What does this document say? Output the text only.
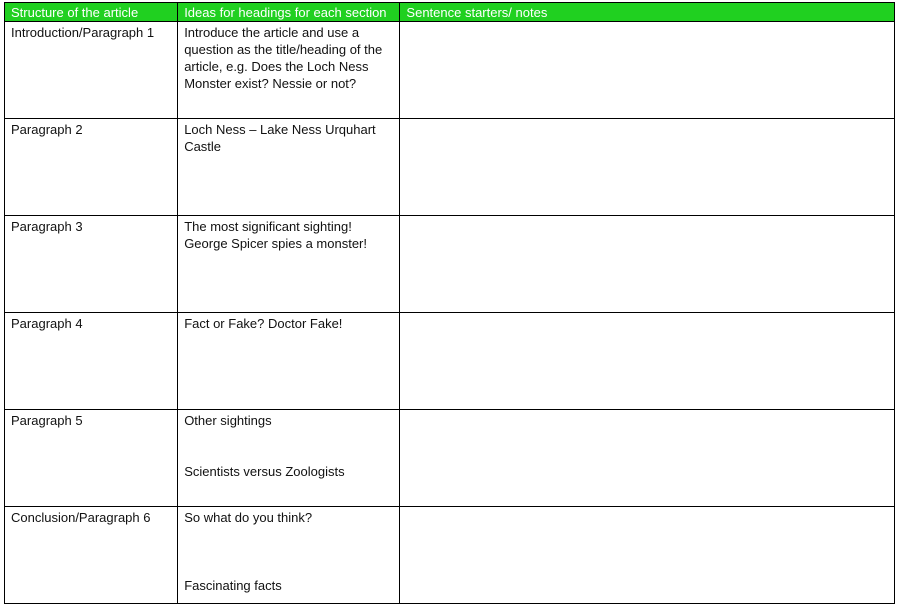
Structure of the article	Ideas for headings for each section	Sentence starters/ notes
Introduction/Paragraph 1	Introduce the article and use a question as the title/heading of the article, e.g. Does the Loch Ness Monster exist? Nessie or not?	

Paragraph 2	Loch Ness – Lake Ness Urquhart Castle	

Paragraph 3	The most significant sighting!
George Spicer spies a monster!	

Paragraph 4	Fact or Fake? Doctor Fake!	

Paragraph 5	Other sightings
Scientists versus Zoologists	

Conclusion/Paragraph 6	So what do you think?
Fascinating facts	
